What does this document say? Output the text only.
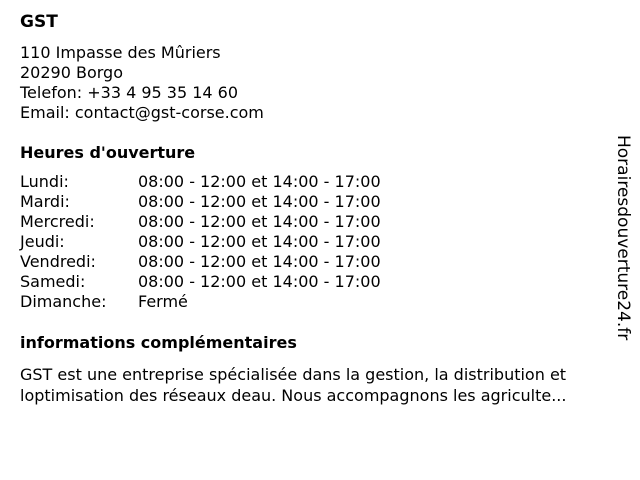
GST
110 Impasse des Mûriers
20290 Borgo
Telefon: +33 4 95 35 14 60
Email: contact@gst-corse.com
Heures d'ouverture
Lundi:	08:00 - 12:00 et 14:00 - 17:00
Mardi:	08:00 - 12:00 et 14:00 - 17:00
Mercredi:	08:00 - 12:00 et 14:00 - 17:00
Jeudi:	08:00 - 12:00 et 14:00 - 17:00
Vendredi:	08:00 - 12:00 et 14:00 - 17:00
Samedi:	08:00 - 12:00 et 14:00 - 17:00
Dimanche:	Fermé
informations complémentaires
GST est une entreprise spécialisée dans la gestion, la distribution et
loptimisation des réseaux deau. Nous accompagnons les agriculte...
Horairesdouverture24.fr
